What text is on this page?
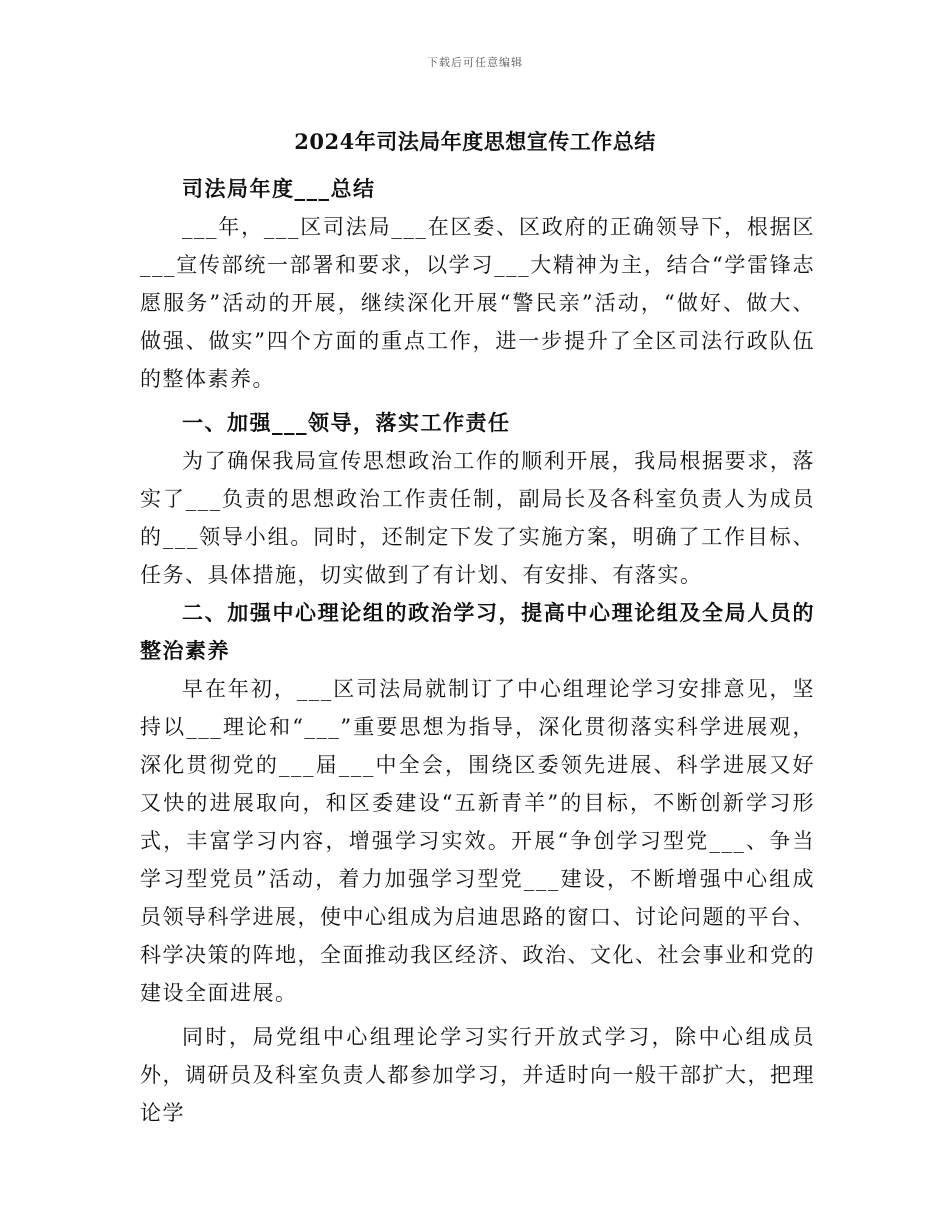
下载后可任意编辑
2024年司法局年度思想宣传工作总结

司法局年度___总结

___年，___区司法局___在区委、区政府的正确领导下，根据区___宣传部统一部署和要求，以学习___大精神为主，结合“学雷锋志愿服务”活动的开展，继续深化开展“警民亲”活动，“做好、做大、做强、做实”四个方面的重点工作，进一步提升了全区司法行政队伍的整体素养。

一、加强___领导，落实工作责任

为了确保我局宣传思想政治工作的顺利开展，我局根据要求，落实了___负责的思想政治工作责任制，副局长及各科室负责人为成员的___领导小组。同时，还制定下发了实施方案，明确了工作目标、任务、具体措施，切实做到了有计划、有安排、有落实。

二、加强中心理论组的政治学习，提高中心理论组及全局人员的整治素养

早在年初，___区司法局就制订了中心组理论学习安排意见，坚持以___理论和“___”重要思想为指导，深化贯彻落实科学进展观，深化贯彻党的___届___中全会，围绕区委领先进展、科学进展又好又快的进展取向，和区委建设“五新青羊”的目标，不断创新学习形式，丰富学习内容，增强学习实效。开展“争创学习型党___、争当学习型党员”活动，着力加强学习型党___建设，不断增强中心组成员领导科学进展，使中心组成为启迪思路的窗口、讨论问题的平台、科学决策的阵地，全面推动我区经济、政治、文化、社会事业和党的建设全面进展。

同时，局党组中心组理论学习实行开放式学习，除中心组成员外，调研员及科室负责人都参加学习，并适时向一般干部扩大，把理论学
